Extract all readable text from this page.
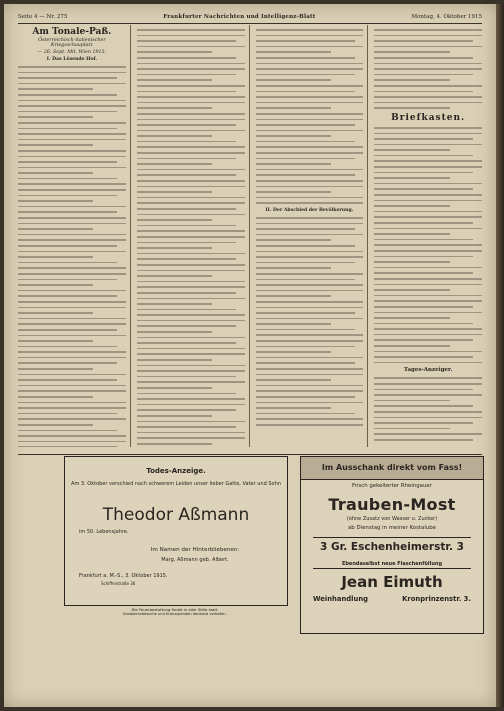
Seite 4 — Nr. 275	Frankfurter Nachrichten und Intelligenz-Blatt	Montag, 4. Oktober 1915
Am Tonale-Paß.
Österreichisch-italienischer Kriegsschauplatz
— 26. Sept. Mit, Wien 1915.
I. Das Lösende Hof.
II. Der Abschied der Bevölkerung.
Briefkasten.
Tages-Anzeiger.
Todes-Anzeige.
Am 3. Oktober verschied nach schwerem Leiden unser lieber Gatte, Vater und Sohn
Theodor Aßmann
im 50. Lebensjahre.
Im Namen der Hinterbliebenen:
Marg. Aßmann geb. Albert.
Frankfurt a. M.-S., 3. Oktober 1915.
Schifferstraße 36
Die Feuerbestattung findet in aller Stille statt.
Kondolenzbesuche und Kranzspenden dankend verbeten.
Im Ausschank direkt vom Fass!
Frisch gekelterter Rheingauer
Trauben-Most
(ohne Zusatz von Wasser u. Zucker)
ab Dienstag in meiner Kostalube
3 Gr. Eschenheimerstr. 3
Ebendaselbst neue Flaschenfüllung
Jean Eimuth
Weinhandlung	Kronprinzenstr. 3.
